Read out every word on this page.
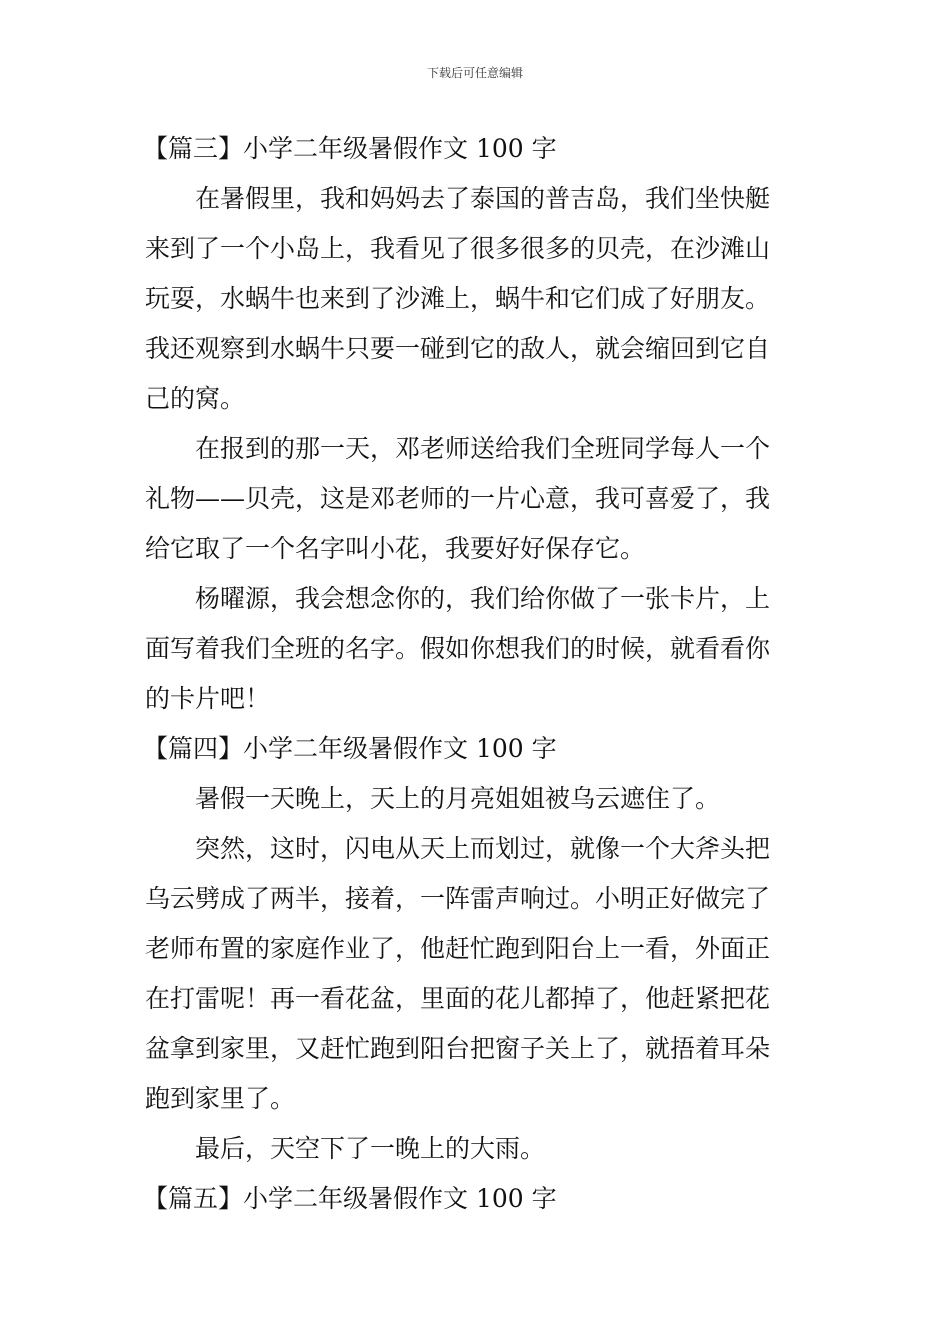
下载后可任意编辑
【篇三】小学二年级暑假作文 100 字
在暑假里，我和妈妈去了泰国的普吉岛，我们坐快艇
来到了一个小岛上，我看见了很多很多的贝壳，在沙滩山
玩耍，水蜗牛也来到了沙滩上，蜗牛和它们成了好朋友。
我还观察到水蜗牛只要一碰到它的敌人，就会缩回到它自
己的窝。
在报到的那一天，邓老师送给我们全班同学每人一个
礼物——贝壳，这是邓老师的一片心意，我可喜爱了，我
给它取了一个名字叫小花，我要好好保存它。
杨曜源，我会想念你的，我们给你做了一张卡片，上
面写着我们全班的名字。假如你想我们的时候，就看看你
的卡片吧！
【篇四】小学二年级暑假作文 100 字
暑假一天晚上，天上的月亮姐姐被乌云遮住了。
突然，这时，闪电从天上而划过，就像一个大斧头把
乌云劈成了两半，接着，一阵雷声响过。小明正好做完了
老师布置的家庭作业了，他赶忙跑到阳台上一看，外面正
在打雷呢！再一看花盆，里面的花儿都掉了，他赶紧把花
盆拿到家里，又赶忙跑到阳台把窗子关上了，就捂着耳朵
跑到家里了。
最后，天空下了一晚上的大雨。
【篇五】小学二年级暑假作文 100 字
